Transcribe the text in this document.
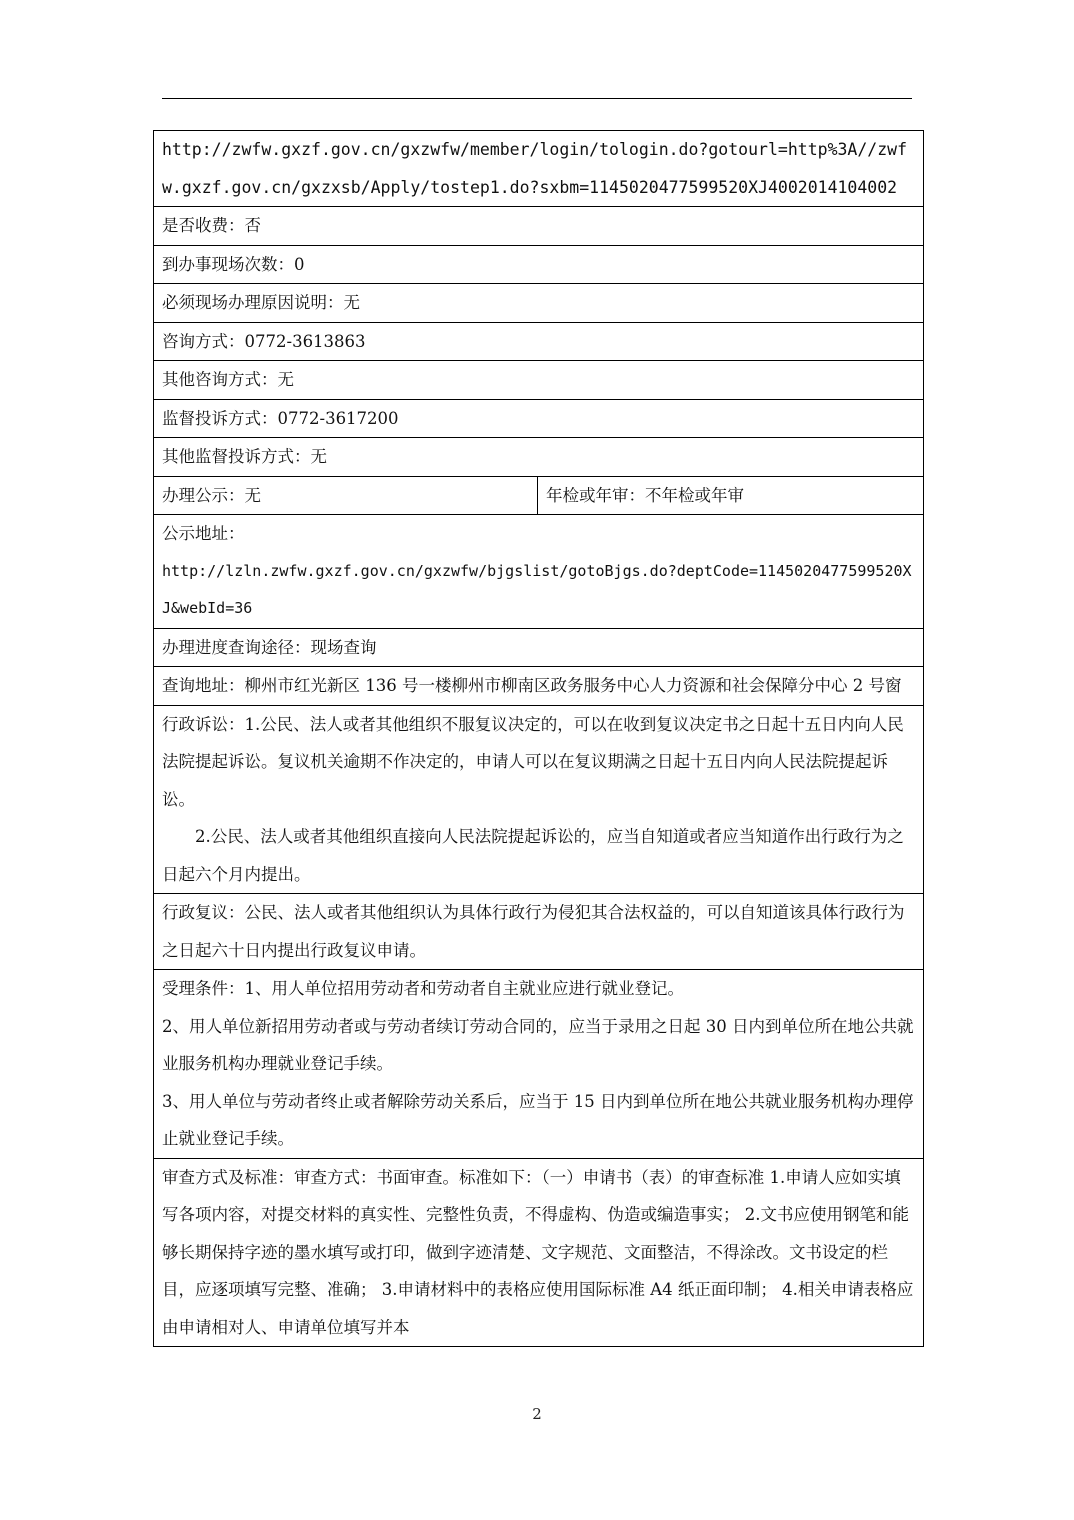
http://zwfw.gxzf.gov.cn/gxzwfw/member/login/tologin.do?gotourl=http%3A//zwfw.gxzf.gov.cn/gxzxsb/Apply/tostep1.do?sxbm=1145020477599520XJ4002014104002
是否收费：否
到办事现场次数：0
必须现场办理原因说明：无
咨询方式：0772-3613863
其他咨询方式：无
监督投诉方式：0772-3617200
其他监督投诉方式：无
办理公示：无	年检或年审：不年检或年审

公示地址：
http://lzln.zwfw.gxzf.gov.cn/gxzwfw/bjgslist/gotoBjgs.do?deptCode=1145020477599520XJ&webId=36

办理进度查询途径：现场查询
查询地址：柳州市红光新区 136 号一楼柳州市柳南区政务服务中心人力资源和社会保障分中心 2 号窗

行政诉讼：1.公民、法人或者其他组织不服复议决定的，可以在收到复议决定书之日起十五日内向人民法院提起诉讼。复议机关逾期不作决定的，申请人可以在复议期满之日起十五日内向人民法院提起诉讼。
2.公民、法人或者其他组织直接向人民法院提起诉讼的，应当自知道或者应当知道作出行政行为之日起六个月内提出。

行政复议：公民、法人或者其他组织认为具体行政行为侵犯其合法权益的，可以自知道该具体行政行为之日起六十日内提出行政复议申请。

受理条件：1、用人单位招用劳动者和劳动者自主就业应进行就业登记。
2、用人单位新招用劳动者或与劳动者续订劳动合同的，应当于录用之日起 30 日内到单位所在地公共就业服务机构办理就业登记手续。
3、用人单位与劳动者终止或者解除劳动关系后，应当于 15 日内到单位所在地公共就业服务机构办理停止就业登记手续。

审查方式及标准：审查方式：书面审查。标准如下：（一）申请书（表）的审查标准 1.申请人应如实填写各项内容，对提交材料的真实性、完整性负责，不得虚构、伪造或编造事实； 2.文书应使用钢笔和能够长期保持字迹的墨水填写或打印，做到字迹清楚、文字规范、文面整洁，不得涂改。文书设定的栏目，应逐项填写完整、准确； 3.申请材料中的表格应使用国际标准 A4 纸正面印制； 4.相关申请表格应由申请相对人、申请单位填写并本
2
